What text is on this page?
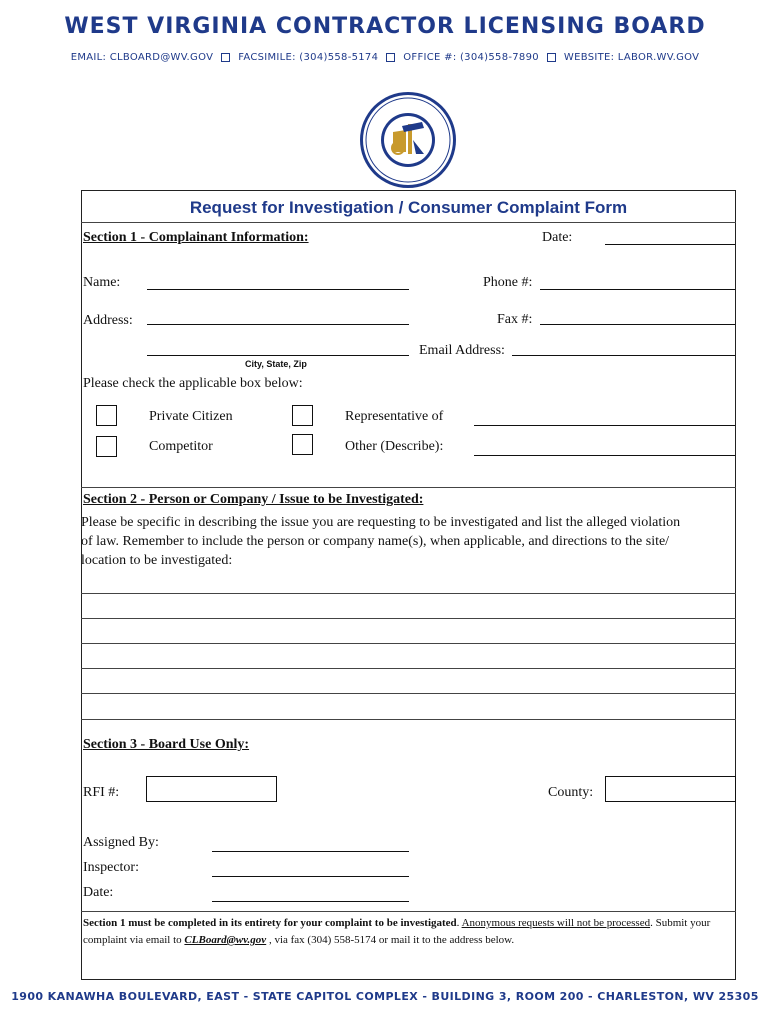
WEST VIRGINIA CONTRACTOR LICENSING BOARD
EMAIL: CLBOARD@WV.GOV	FACSIMILE: (304)558-5174	OFFICE #: (304)558-7890	WEBSITE: LABOR.WV.GOV
Request for Investigation / Consumer Complaint Form
Section 1 - Complainant Information:	Date:
Name:	Phone #:
Address:	Fax #:
City, State, Zip
Email Address:
Please check the applicable box below:
Private Citizen	Representative of
Competitor	Other (Describe):
Section 2 - Person or Company / Issue to be Investigated:
Please be specific in describing the issue you are requesting to be investigated and list the alleged violation
of law. Remember to include the person or company name(s), when applicable, and directions to the site/
location to be investigated:
Section 3 - Board Use Only:
RFI #:	County:
Assigned By:
Inspector:
Date:
Section 1 must be completed in its entirety for your complaint to be investigated. Anonymous requests will not be processed. Submit your complaint via email to CLBoard@wv.gov , via fax (304) 558-5174 or mail it to the address below.
1900 KANAWHA BOULEVARD, EAST - STATE CAPITOL COMPLEX - BUILDING 3, ROOM 200 - CHARLESTON, WV 25305
